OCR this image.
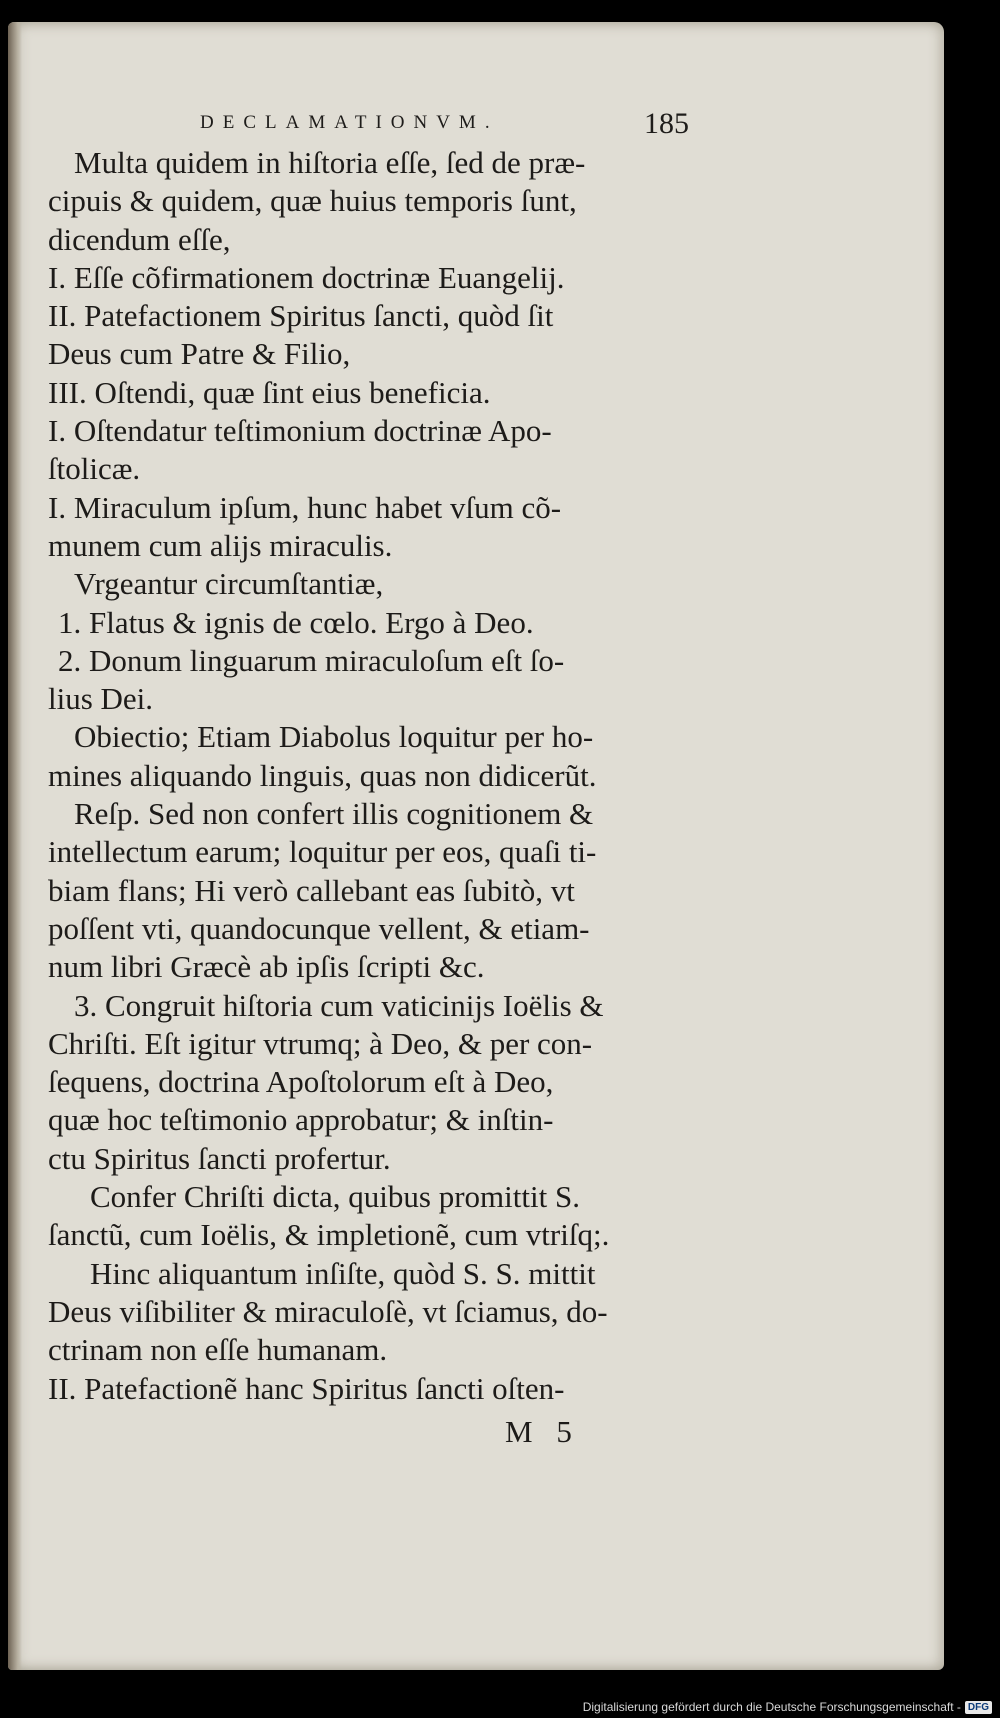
DECLAMATIONVM.	185
Multa quidem in hiſtoria eſſe, ſed de præ-
cipuis & quidem, quæ huius temporis ſunt,
dicendum eſſe,
I. Eſſe cõfirmationem doctrinæ Euangelij.
II. Patefactionem Spiritus ſancti, quòd ſit
Deus cum Patre & Filio,
III. Oſtendi, quæ ſint eius beneficia.
I. Oſtendatur teſtimonium doctrinæ Apo-
ſtolicæ.
I. Miraculum ipſum, hunc habet vſum cõ-
munem cum alijs miraculis.
Vrgeantur circumſtantiæ,
1. Flatus & ignis de cœlo. Ergo à Deo.
2. Donum linguarum miraculoſum eſt ſo-
lius Dei.
Obiectio; Etiam Diabolus loquitur per ho-
mines aliquando linguis, quas non didicerũt.
Reſp. Sed non confert illis cognitionem &
intellectum earum; loquitur per eos, quaſi ti-
biam flans; Hi verò callebant eas ſubitò, vt
poſſent vti, quandocunque vellent, & etiam-
num libri Græcè ab ipſis ſcripti &c.
3. Congruit hiſtoria cum vaticinijs Ioëlis &
Chriſti. Eſt igitur vtrumq; à Deo, & per con-
ſequens, doctrina Apoſtolorum eſt à Deo,
quæ hoc teſtimonio approbatur; & inſtin-
ctu Spiritus ſancti profertur.
Confer Chriſti dicta, quibus promittit S.
ſanctũ, cum Ioëlis, & impletionẽ, cum vtriſq;.
Hinc aliquantum inſiſte, quòd S. S. mittit
Deus viſibiliter & miraculoſè, vt ſciamus, do-
ctrinam non eſſe humanam.
II. Patefactionẽ hanc Spiritus ſancti oſten-
M 5
Digitalisierung gefördert durch die Deutsche Forschungsgemeinschaft - DFG
